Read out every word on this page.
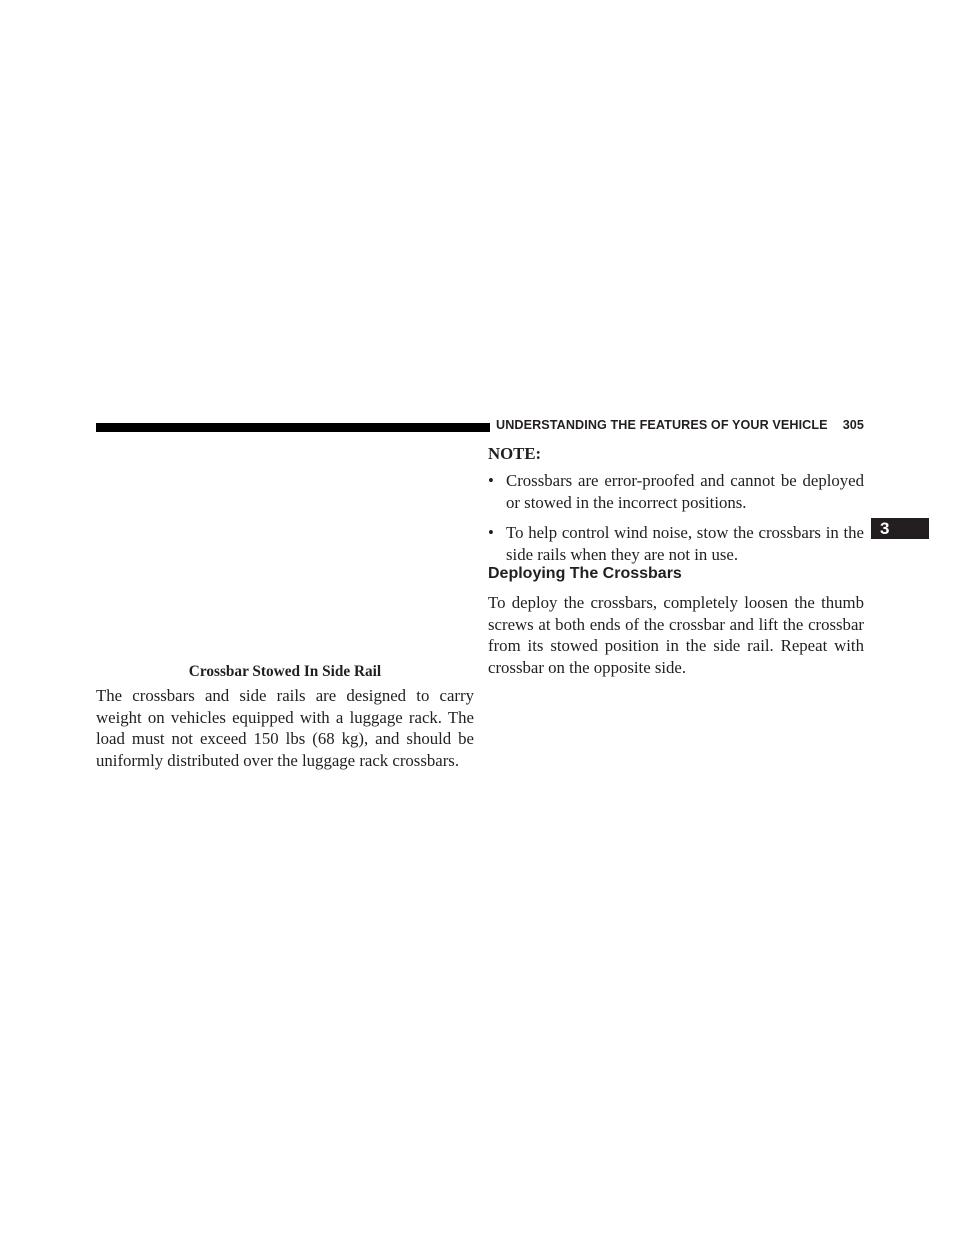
UNDERSTANDING THE FEATURES OF YOUR VEHICLE 305
3
Crossbar Stowed In Side Rail

The crossbars and side rails are designed to carry weight on vehicles equipped with a luggage rack. The load must not exceed 150 lbs (68 kg), and should be uniformly distributed over the luggage rack crossbars.

NOTE:
• Crossbars are error-proofed and cannot be deployed or stowed in the incorrect positions.
• To help control wind noise, stow the crossbars in the side rails when they are not in use.
Deploying The Crossbars

To deploy the crossbars, completely loosen the thumb screws at both ends of the crossbar and lift the crossbar from its stowed position in the side rail. Repeat with crossbar on the opposite side.
